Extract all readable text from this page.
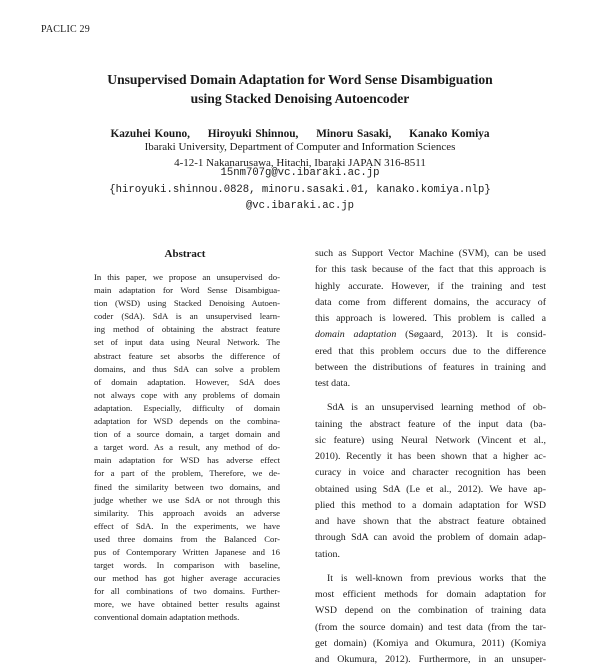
PACLIC 29
Unsupervised Domain Adaptation for Word Sense Disambiguation
using Stacked Denoising Autoencoder
Kazuhei Kouno, Hiroyuki Shinnou, Minoru Sasaki, Kanako Komiya
Ibaraki University, Department of Computer and Information Sciences
4-12-1 Nakanarusawa, Hitachi, Ibaraki JAPAN 316-8511
15nm707g@vc.ibaraki.ac.jp
{hiroyuki.shinnou.0828, minoru.sasaki.01, kanako.komiya.nlp}
@vc.ibaraki.ac.jp
Abstract
In this paper, we propose an unsupervised do-
main adaptation for Word Sense Disambigua-
tion (WSD) using Stacked Denoising Autoen-
coder (SdA). SdA is an unsupervised learn-
ing method of obtaining the abstract feature
set of input data using Neural Network. The
abstract feature set absorbs the difference of
domains, and thus SdA can solve a problem
of domain adaptation. However, SdA does
not always cope with any problems of domain
adaptation. Especially, difficulty of domain
adaptation for WSD depends on the combina-
tion of a source domain, a target domain and
a target word. As a result, any method of do-
main adaptation for WSD has adverse effect
for a part of the problem, Therefore, we de-
fined the similarity between two domains, and
judge whether we use SdA or not through this
similarity. This approach avoids an adverse
effect of SdA. In the experiments, we have
used three domains from the Balanced Cor-
pus of Contemporary Written Japanese and 16
target words. In comparison with baseline,
our method has got higher average accuracies
for all combinations of two domains. Further-
more, we have obtained better results against
conventional domain adaptation methods.
such as Support Vector Machine (SVM), can be used
for this task because of the fact that this approach is
highly accurate. However, if the training and test
data come from different domains, the accuracy of
this approach is lowered. This problem is called a
domain adaptation (Søgaard, 2013). It is consid-
ered that this problem occurs due to the difference
between the distributions of features in training and
test data.
SdA is an unsupervised learning method of ob-
taining the abstract feature of the input data (ba-
sic feature) using Neural Network (Vincent et al.,
2010). Recently it has been shown that a higher ac-
curacy in voice and character recognition has been
obtained using SdA (Le et al., 2012). We have ap-
plied this method to a domain adaptation for WSD
and have shown that the abstract feature obtained
through SdA can avoid the problem of domain adap-
tation.
It is well-known from previous works that the
most efficient methods for domain adaptation for
WSD depend on the combination of training data
(from the source domain) and test data (from the tar-
get domain) (Komiya and Okumura, 2011) (Komiya
and Okumura, 2012). Furthermore, in an unsuper-
